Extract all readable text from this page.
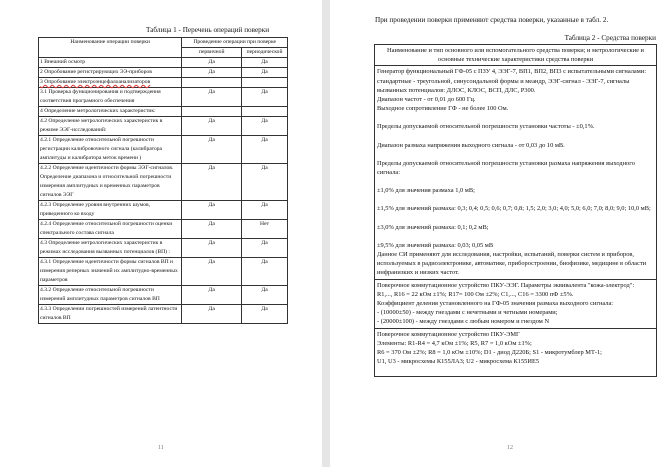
Таблица 1 - Перечень операций поверки
Наименование операции поверки	Проведение операции при поверке	
	первичной	периодической
1 Внешний осмотр	Да	Да
2 Опробование регистрирующих ЭЭ-приборов	Да	Да
3 Опробование электроэнцефалоанализаторов		
3.1 Проверка функционирования и подтверждения соответствия програмного обеспечения	Да	Да
4 Определение метрологических характеристик:		
4.2 Определение метрологических характеристик в режиме ЭЭГ-исследований:	Да	Да
4.2.1 Определение относительной погрешности регистрации калибровочного сигнала (калибратора амплитуды и калибратора меток времени )	Да	Да
4.2.2 Определение идентичности формы ЭЭГ-сигналов. Определение диапазона и относительной погрешности измерения амплитудных и временных параметров сигналов ЭЭГ	Да	Да
4.2.3 Определение уровня внутренних шумов, приведенного ко входу	Да	Да
4.2.4 Определение относительной погрешности оценки спектрального состава сигнала	Да	Нет
4.3 Определение метрологических характеристик в режимах исследования вызванных потенциалов (ВП) :	Да	Да
4.3.1 Определение идентичности формы сигналов ВП и измерения реперных значений их амплитудно-временных параметров	Да	Да
4.3.2 Определение относительной погрешности измерений амплитудных параметров сигналов ВП	Да	Да
4.3.3 Определении погрешностей измерений латентности сигналов ВП	Да	Да
11
При проведении поверки применяют средства поверки, указанные в табл. 2.
Таблица 2 - Средства поверки
Наименование и тип основного или вспомогательного средства поверки; и метрологические и основные технические характеристики средства поверки

Генератор функциональный ГФ-05 с ПЗУ 4, ЭЭГ-7, ВП1, ВП2, ВП3 с испытательными сигналами: стандартные - треугольной, синусоидальной формы и меандр, ЭЭГ-сигнал - ЭЭГ-7, сигналы вызванных потенциалов: ДЛОС, КЛОС, ВСП, ДЛС, Р300.
Диапазон частот - от 0,01 до 600 Гц.
Выходное сопротивление ГФ - не более 100 Ом.
Пределы допускаемой относительной погрешности установки частоты - ±0,1%.
Диапазон размаха напряжения выходного сигнала - от 0,03 до 10 мВ.
Пределы допускаемой относительной погрешности установки размаха напряжения выходного сигнала:
±1,0% для значения размаха 1,0 мВ;
±1,5% для значений размаха: 0,3; 0,4; 0,5; 0,6; 0,7; 0,8; 1,5; 2,0; 3,0; 4,0; 5,0; 6,0; 7,0; 8,0; 9,0; 10,0 мВ;
±3,0% для значений размаха: 0,1; 0,2 мВ;
±9,5% для значений размаха: 0,03; 0,05 мВ
Данное СИ применяют для исследования, настройки, испытаний, поверки систем и приборов, используемых в радиоэлектронике, автоматике, приборостроении, биофизике, медицине в области инфранизких и низких частот.

Поверочное коммутационное устройство ПКУ-ЭЭГ. Параметры эквивалента "кожа-электрод":
R1,..., R16 = 22 кОм ±1%; R17= 100 Ом ±2%; C1,..., C16 = 3300 пФ ±5%.
Коэффициент деления установленного на ГФ-05 значения размаха выходного сигнала:
- (10000±50) - между гнездами с нечетными и четными номерами;
- (20000±100) - между гнездами с любым номером и гнездом N

Поверочное коммутационное устройство ПКУ-ЭМГ
Элементы: R1-R4 = 4,7 кОм ±1%; R5, R7 = 1,0 кОм ±1%;
R6 = 370 Ом ±2%; R8 = 1,0 кОм ±10%; D1 - диод Д220Б; S1 - микротумблер МТ-1;
U1, U3 - микросхемы К155ЛА3; U2 - микросхема К155ИЕ5
12
